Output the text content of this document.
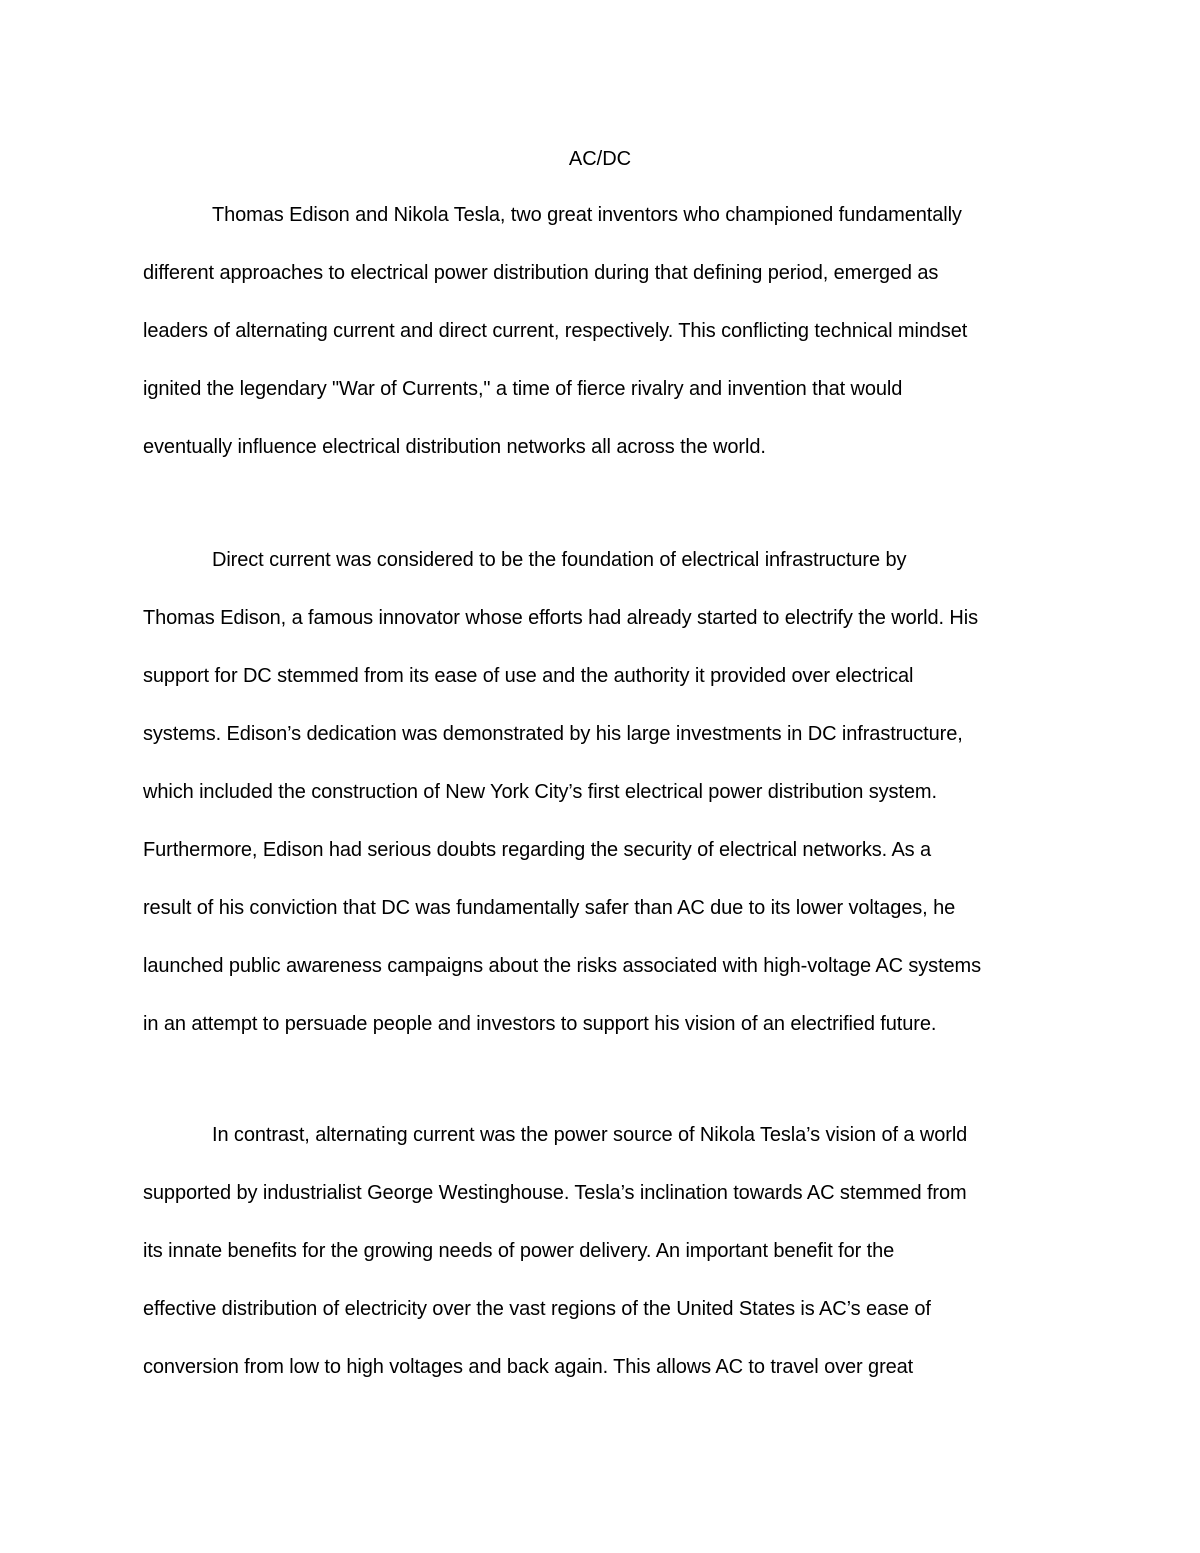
AC/DC
Thomas Edison and Nikola Tesla, two great inventors who championed fundamentally
different approaches to electrical power distribution during that defining period, emerged as
leaders of alternating current and direct current, respectively. This conflicting technical mindset
ignited the legendary "War of Currents," a time of fierce rivalry and invention that would
eventually influence electrical distribution networks all across the world.
Direct current was considered to be the foundation of electrical infrastructure by
Thomas Edison, a famous innovator whose efforts had already started to electrify the world. His
support for DC stemmed from its ease of use and the authority it provided over electrical
systems. Edison’s dedication was demonstrated by his large investments in DC infrastructure,
which included the construction of New York City’s first electrical power distribution system.
Furthermore, Edison had serious doubts regarding the security of electrical networks. As a
result of his conviction that DC was fundamentally safer than AC due to its lower voltages, he
launched public awareness campaigns about the risks associated with high-voltage AC systems
in an attempt to persuade people and investors to support his vision of an electrified future.
In contrast, alternating current was the power source of Nikola Tesla’s vision of a world
supported by industrialist George Westinghouse. Tesla’s inclination towards AC stemmed from
its innate benefits for the growing needs of power delivery. An important benefit for the
effective distribution of electricity over the vast regions of the United States is AC’s ease of
conversion from low to high voltages and back again. This allows AC to travel over great
